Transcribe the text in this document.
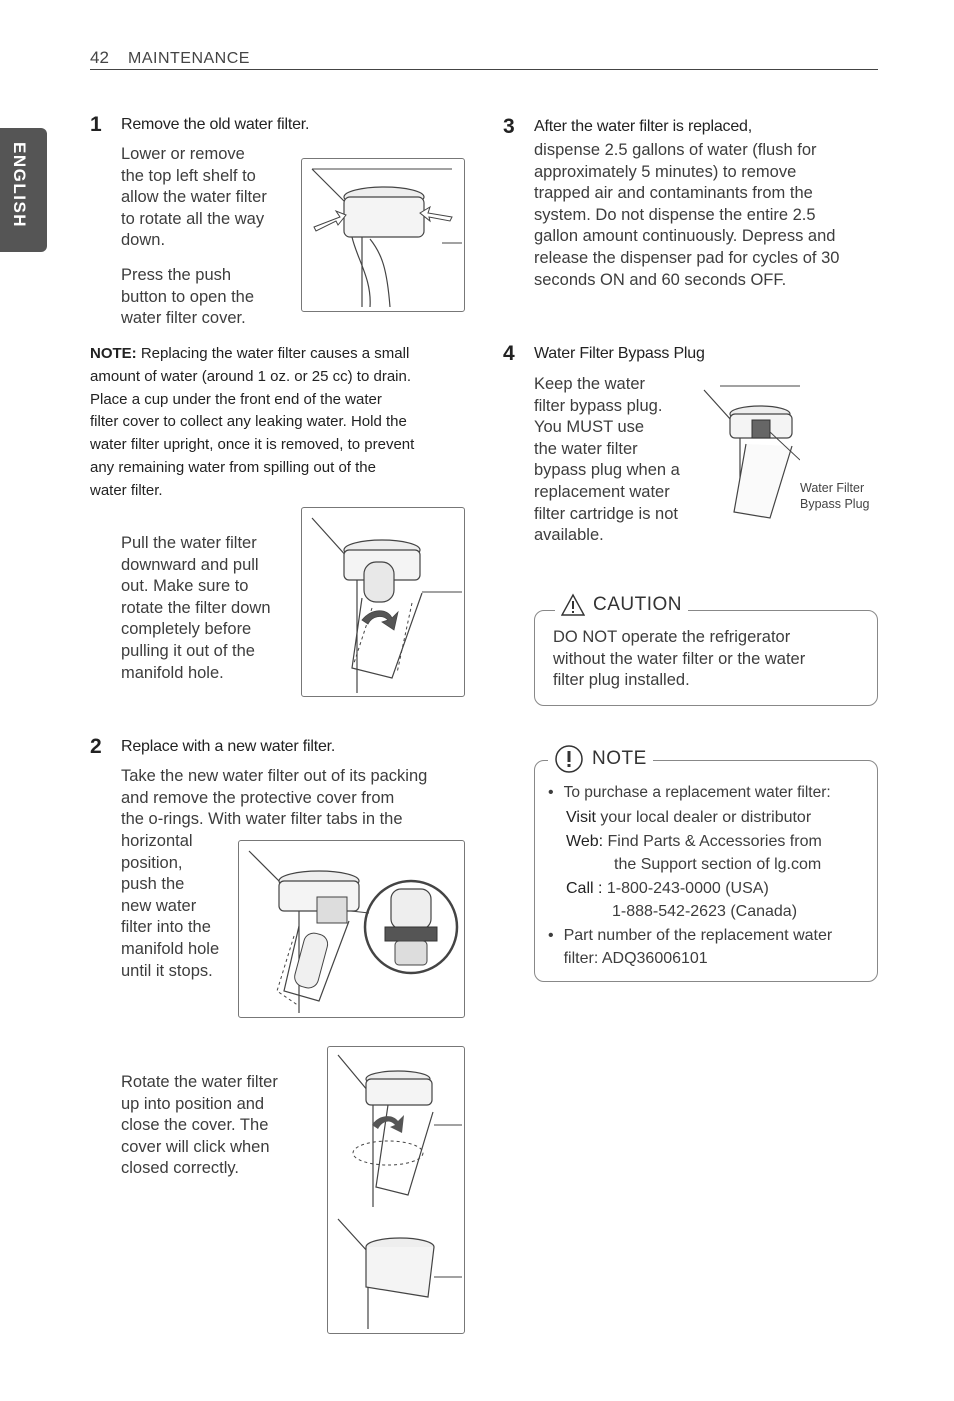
42 MAINTENANCE
ENGLISH
1 Remove the old water filter.
Lower or remove
the top left shelf to
allow the water filter
to rotate all the way
down.
Press the push
button to open the
water filter cover.
NOTE: Replacing the water filter causes a small
amount of water (around 1 oz. or 25 cc) to drain.
Place a cup under the front end of the water
filter cover to collect any leaking water. Hold the
water filter upright, once it is removed, to prevent
any remaining water from spilling out of the
water filter.
Pull the water filter
downward and pull
out. Make sure to
rotate the filter down
completely before
pulling it out of the
manifold hole.
2 Replace with a new water filter.
Take the new water filter out of its packing
and remove the protective cover from
the o-rings. With water filter tabs in the
horizontal
position,
push the
new water
filter into the
manifold hole
until it stops.
Rotate the water filter
up into position and
close the cover. The
cover will click when
closed correctly.
3 After the water filter is replaced,
dispense 2.5 gallons of water (flush for
approximately 5 minutes) to remove
trapped air and contaminants from the
system. Do not dispense the entire 2.5
gallon amount continuously. Depress and
release the dispenser pad for cycles of 30
seconds ON and 60 seconds OFF.
4 Water Filter Bypass Plug
Keep the water
filter bypass plug.
You MUST use
the water filter
bypass plug when a
replacement water
filter cartridge is not
available.
Water Filter
Bypass Plug
CAUTION
DO NOT operate the refrigerator
without the water filter or the water
filter plug installed.
NOTE
• To purchase a replacement water filter:
Visit your local dealer or distributor
Web: Find Parts & Accessories from
the Support section of lg.com
Call : 1-800-243-0000 (USA)
1-888-542-2623 (Canada)
• Part number of the replacement water
filter: ADQ36006101
